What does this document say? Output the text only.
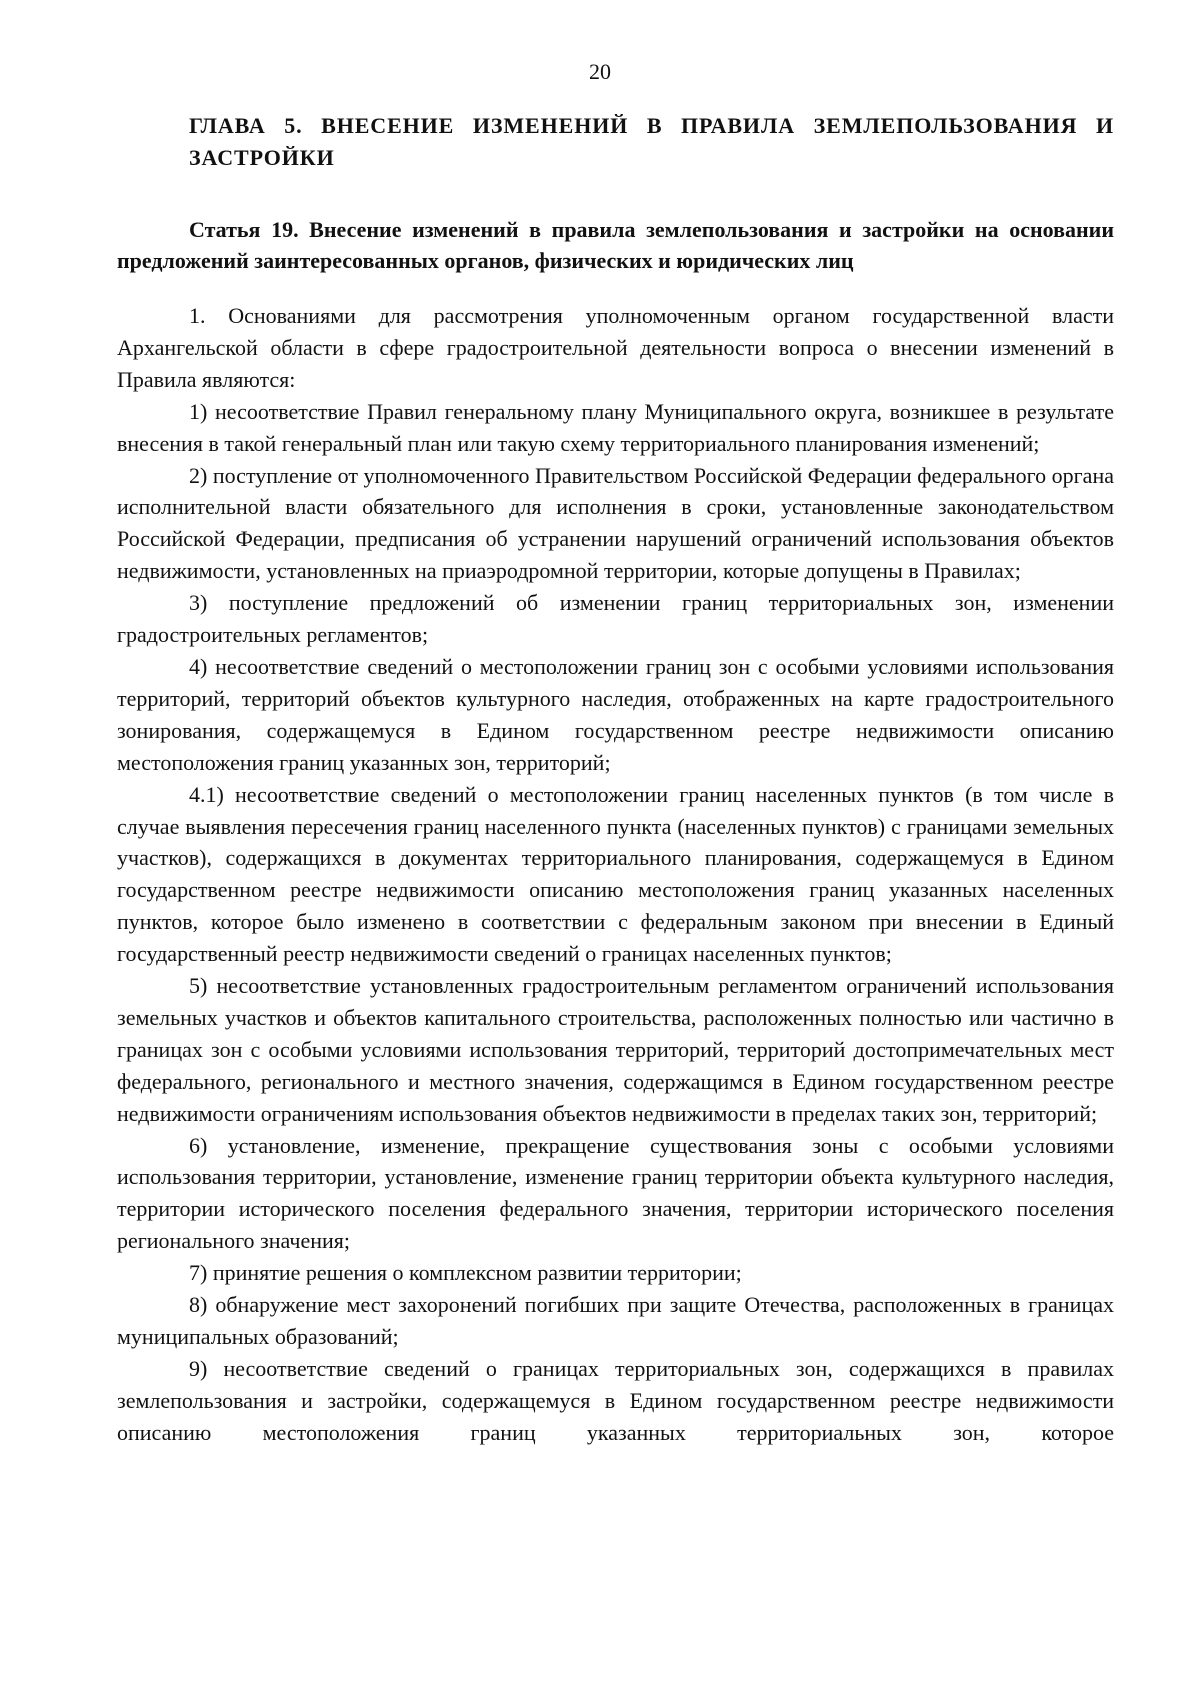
20
ГЛАВА 5. ВНЕСЕНИЕ ИЗМЕНЕНИЙ В ПРАВИЛА ЗЕМЛЕПОЛЬЗОВАНИЯ И ЗАСТРОЙКИ
Статья 19. Внесение изменений в правила землепользования и застройки на основании предложений заинтересованных органов, физических и юридических лиц

1. Основаниями для рассмотрения уполномоченным органом государственной власти Архангельской области в сфере градостроительной деятельности вопроса о внесении изменений в Правила являются:

1) несоответствие Правил генеральному плану Муниципального округа, возникшее в результате внесения в такой генеральный план или такую схему территориального планирования изменений;

2) поступление от уполномоченного Правительством Российской Федерации федерального органа исполнительной власти обязательного для исполнения в сроки, установленные законодательством Российской Федерации, предписания об устранении нарушений ограничений использования объектов недвижимости, установленных на приаэродромной территории, которые допущены в Правилах;

3) поступление предложений об изменении границ территориальных зон, изменении градостроительных регламентов;

4) несоответствие сведений о местоположении границ зон с особыми условиями использования территорий, территорий объектов культурного наследия, отображенных на карте градостроительного зонирования, содержащемуся в Едином государственном реестре недвижимости описанию местоположения границ указанных зон, территорий;

4.1) несоответствие сведений о местоположении границ населенных пунктов (в том числе в случае выявления пересечения границ населенного пункта (населенных пунктов) с границами земельных участков), содержащихся в документах территориального планирования, содержащемуся в Едином государственном реестре недвижимости описанию местоположения границ указанных населенных пунктов, которое было изменено в соответствии с федеральным законом при внесении в Единый государственный реестр недвижимости сведений о границах населенных пунктов;

5) несоответствие установленных градостроительным регламентом ограничений использования земельных участков и объектов капитального строительства, расположенных полностью или частично в границах зон с особыми условиями использования территорий, территорий достопримечательных мест федерального, регионального и местного значения, содержащимся в Едином государственном реестре недвижимости ограничениям использования объектов недвижимости в пределах таких зон, территорий;

6) установление, изменение, прекращение существования зоны с особыми условиями использования территории, установление, изменение границ территории объекта культурного наследия, территории исторического поселения федерального значения, территории исторического поселения регионального значения;

7) принятие решения о комплексном развитии территории;

8) обнаружение мест захоронений погибших при защите Отечества, расположенных в границах муниципальных образований;

9) несоответствие сведений о границах территориальных зон, содержащихся в правилах землепользования и застройки, содержащемуся в Едином государственном реестре недвижимости описанию местоположения границ указанных территориальных зон, которое
